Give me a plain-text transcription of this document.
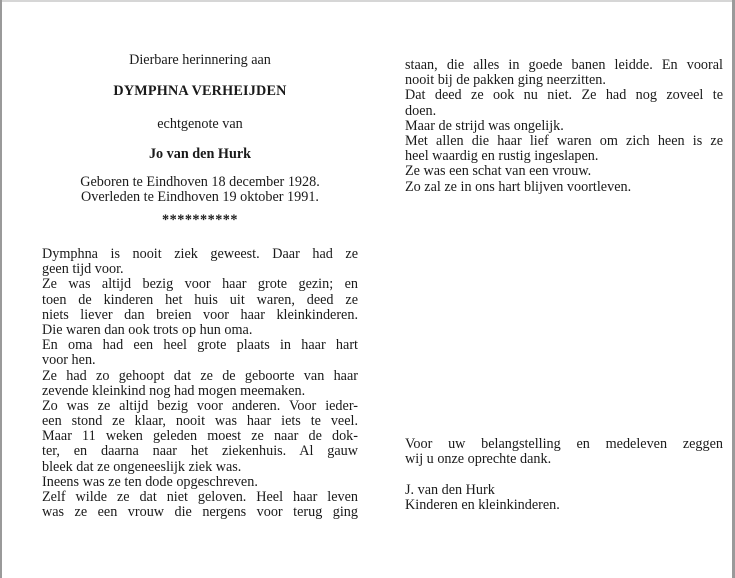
Dierbare herinnering aan
DYMPHNA VERHEIJDEN
echtgenote van
Jo van den Hurk
Geboren te Eindhoven 18 december 1928.
Overleden te Eindhoven 19 oktober 1991.
**********
Dymphna is nooit ziek geweest. Daar had ze
geen tijd voor.
Ze was altijd bezig voor haar grote gezin; en
toen de kinderen het huis uit waren, deed ze
niets liever dan breien voor haar kleinkinderen.
Die waren dan ook trots op hun oma.
En oma had een heel grote plaats in haar hart
voor hen.
Ze had zo gehoopt dat ze de geboorte van haar
zevende kleinkind nog had mogen meemaken.
Zo was ze altijd bezig voor anderen. Voor ieder-
een stond ze klaar, nooit was haar iets te veel.
Maar 11 weken geleden moest ze naar de dok-
ter, en daarna naar het ziekenhuis. Al gauw
bleek dat ze ongeneeslijk ziek was.
Ineens was ze ten dode opgeschreven.
Zelf wilde ze dat niet geloven. Heel haar leven
was ze een vrouw die nergens voor terug ging
staan, die alles in goede banen leidde. En vooral
nooit bij de pakken ging neerzitten.
Dat deed ze ook nu niet. Ze had nog zoveel te
doen.
Maar de strijd was ongelijk.
Met allen die haar lief waren om zich heen is ze
heel waardig en rustig ingeslapen.
Ze was een schat van een vrouw.
Zo zal ze in ons hart blijven voortleven.
Voor uw belangstelling en medeleven zeggen
wij u onze oprechte dank.
J. van den Hurk
Kinderen en kleinkinderen.
